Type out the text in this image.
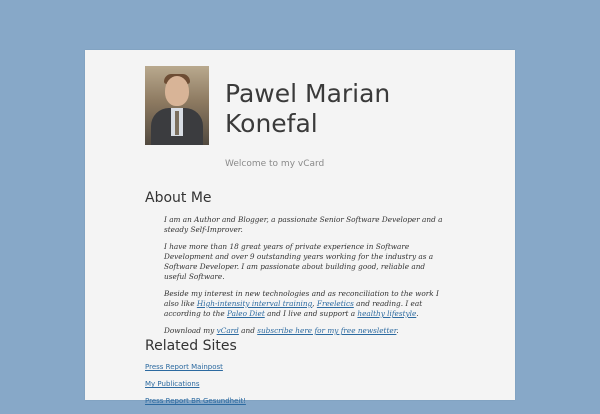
Pawel Marian Konefal
Welcome to my vCard
About Me

I am an Author and Blogger, a passionate Senior Software Developer and a steady Self-Improver.

I have more than 18 great years of private experience in Software Development and over 9 outstanding years working for the industry as a Software Developer. I am passionate about building good, reliable and useful Software.

Beside my interest in new technologies and as reconciliation to the work I also like High-intensity interval training, Freeletics and reading. I eat according to the Paleo Diet and I live and support a healthy lifestyle.

Download my vCard and subscribe here for my free newsletter.

Related Sites
Press Report Mainpost
My Publications
Press Report BR Gesundheit!
